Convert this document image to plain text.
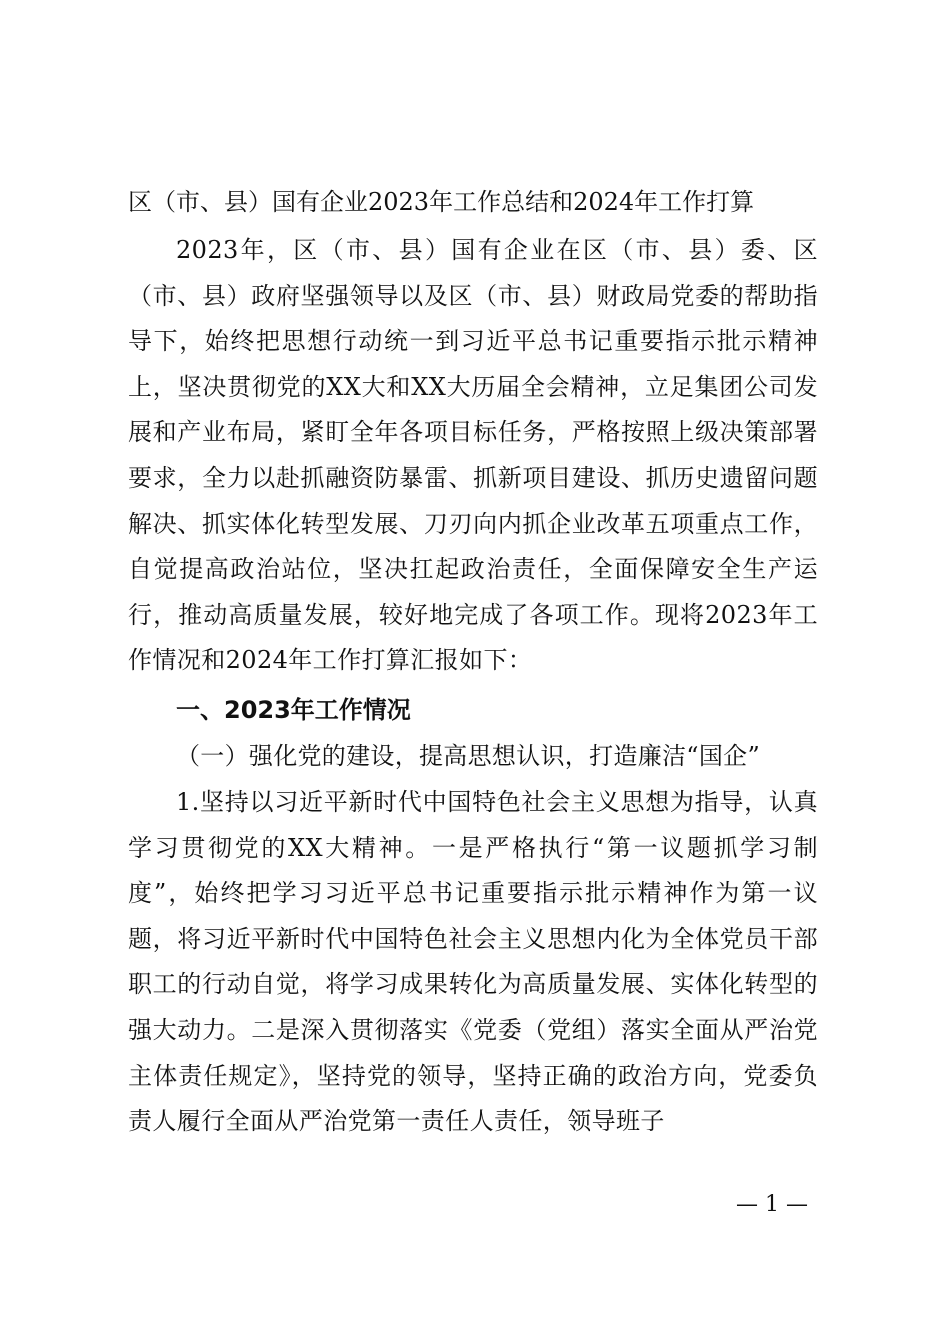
区（市、县）国有企业2023年工作总结和2024年工作打算
2023年，区（市、县）国有企业在区（市、县）委、区（市、县）政府坚强领导以及区（市、县）财政局党委的帮助指导下，始终把思想行动统一到习近平总书记重要指示批示精神上，坚决贯彻党的XX大和XX大历届全会精神，立足集团公司发展和产业布局，紧盯全年各项目标任务，严格按照上级决策部署要求，全力以赴抓融资防暴雷、抓新项目建设、抓历史遗留问题解决、抓实体化转型发展、刀刃向内抓企业改革五项重点工作，自觉提高政治站位，坚决扛起政治责任，全面保障安全生产运行，推动高质量发展，较好地完成了各项工作。现将2023年工作情况和2024年工作打算汇报如下：
一、2023年工作情况
（一）强化党的建设，提高思想认识，打造廉洁“国企”
1.坚持以习近平新时代中国特色社会主义思想为指导，认真学习贯彻党的XX大精神。一是严格执行“第一议题抓学习制度”，始终把学习习近平总书记重要指示批示精神作为第一议题，将习近平新时代中国特色社会主义思想内化为全体党员干部职工的行动自觉，将学习成果转化为高质量发展、实体化转型的强大动力。二是深入贯彻落实《党委（党组）落实全面从严治党主体责任规定》，坚持党的领导，坚持正确的政治方向，党委负责人履行全面从严治党第一责任人责任，领导班子
— 1 —
